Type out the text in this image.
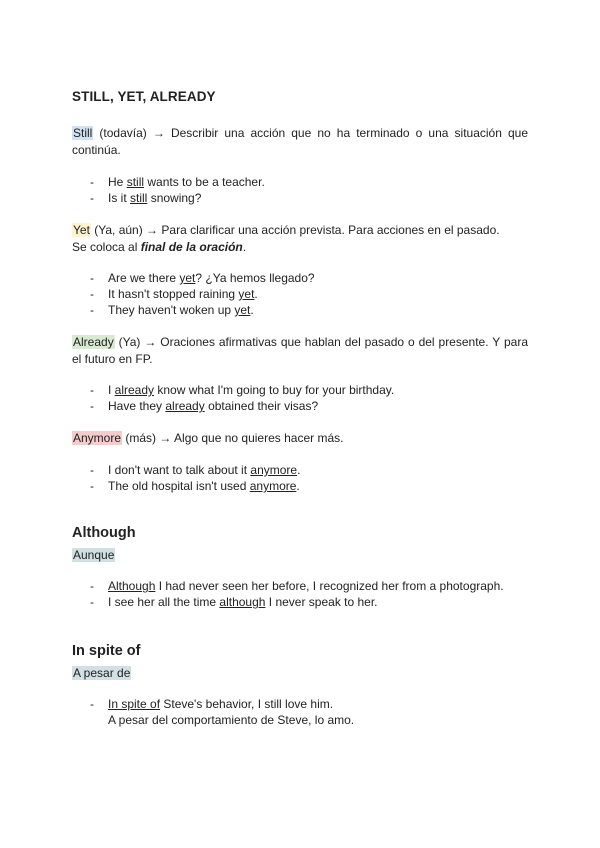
STILL, YET, ALREADY

Still (todavía) → Describir una acción que no ha terminado o una situación que continúa.

- He still wants to be a teacher.
- Is it still snowing?

Yet (Ya, aún) → Para clarificar una acción prevista. Para acciones en el pasado.
Se coloca al final de la oración.

- Are we there yet? ¿Ya hemos llegado?
- It hasn't stopped raining yet.
- They haven't woken up yet.

Already (Ya) → Oraciones afirmativas que hablan del pasado o del presente. Y para el futuro en FP.

- I already know what I'm going to buy for your birthday.
- Have they already obtained their visas?

Anymore (más) → Algo que no quieres hacer más.

- I don't want to talk about it anymore.
- The old hospital isn't used anymore.
Although

Aunque

- Although I had never seen her before, I recognized her from a photograph.
- I see her all the time although I never speak to her.
In spite of

A pesar de

- In spite of Steve's behavior, I still love him.
A pesar del comportamiento de Steve, lo amo.
